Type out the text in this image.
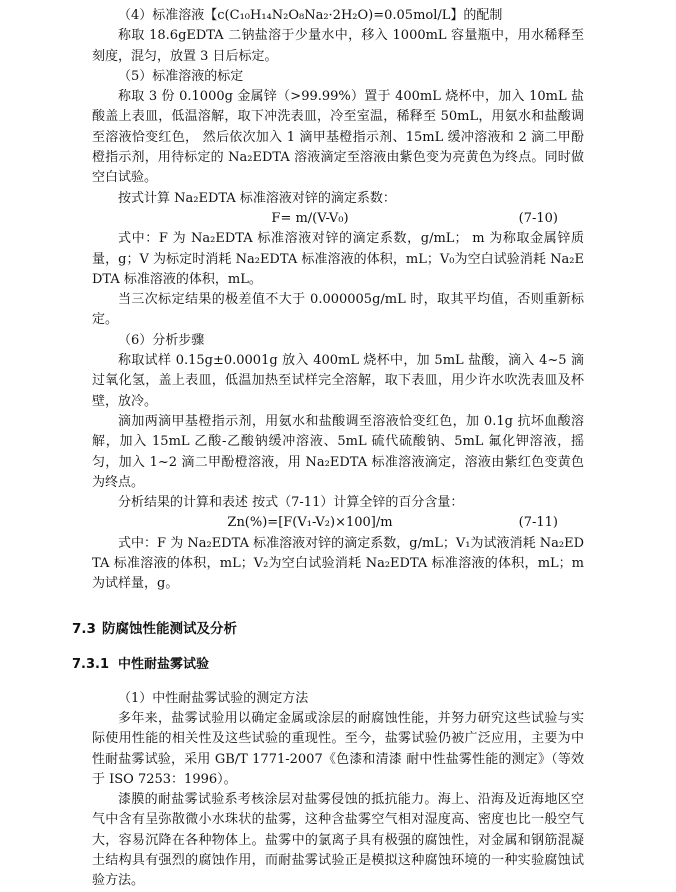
（4）标准溶液【c(C₁₀H₁₄N₂O₈Na₂·2H₂O)=0.05mol/L】的配制

称取 18.6gEDTA 二钠盐溶于少量水中，移入 1000mL 容量瓶中，用水稀释至刻度，混匀，放置 3 日后标定。

（5）标准溶液的标定

称取 3 份 0.1000g 金属锌（>99.99%）置于 400mL 烧杯中，加入 10mL 盐酸盖上表皿，低温溶解，取下冲洗表皿，冷至室温，稀释至 50mL，用氨水和盐酸调至溶液恰变红色， 然后依次加入 1 滴甲基橙指示剂、15mL 缓冲溶液和 2 滴二甲酚橙指示剂，用待标定的 Na₂EDTA 溶液滴定至溶液由紫色变为亮黄色为终点。同时做空白试验。

按式计算 Na₂EDTA 标准溶液对锌的滴定系数：

F= m/(V-V₀)	(7-10)

式中：F 为 Na₂EDTA 标准溶液对锌的滴定系数，g/mL； m 为称取金属锌质量，g；V 为标定时消耗 Na₂EDTA 标准溶液的体积，mL；V₀为空白试验消耗 Na₂EDTA 标准溶液的体积，mL。

当三次标定结果的极差值不大于 0.000005g/mL 时，取其平均值，否则重新标定。

（6）分析步骤

称取试样 0.15g±0.0001g 放入 400mL 烧杯中，加 5mL 盐酸，滴入 4~5 滴过氧化氢，盖上表皿，低温加热至试样完全溶解，取下表皿，用少许水吹洗表皿及杯壁，放冷。

滴加两滴甲基橙指示剂，用氨水和盐酸调至溶液恰变红色，加 0.1g 抗坏血酸溶解，加入 15mL 乙酸-乙酸钠缓冲溶液、5mL 硫代硫酸钠、5mL 氟化钾溶液，摇匀，加入 1~2 滴二甲酚橙溶液，用 Na₂EDTA 标准溶液滴定，溶液由紫红色变黄色为终点。

分析结果的计算和表述 按式（7-11）计算全锌的百分含量：

Zn(%)=[F(V₁-V₂)×100]/m	(7-11)

式中：F 为 Na₂EDTA 标准溶液对锌的滴定系数，g/mL；V₁为试液消耗 Na₂EDTA 标准溶液的体积，mL；V₂为空白试验消耗 Na₂EDTA 标准溶液的体积，mL；m 为试样量，g。

7.3 防腐蚀性能测试及分析

7.3.1 中性耐盐雾试验

（1）中性耐盐雾试验的测定方法

多年来，盐雾试验用以确定金属或涂层的耐腐蚀性能，并努力研究这些试验与实际使用性能的相关性及这些试验的重现性。至今，盐雾试验仍被广泛应用，主要为中性耐盐雾试验，采用 GB/T 1771-2007《色漆和清漆 耐中性盐雾性能的测定》（等效于 ISO 7253：1996）。

漆膜的耐盐雾试验系考核涂层对盐雾侵蚀的抵抗能力。海上、沿海及近海地区空气中含有呈弥散微小水珠状的盐雾，这种含盐雾空气相对湿度高、密度也比一般空气大，容易沉降在各种物体上。盐雾中的氯离子具有极强的腐蚀性，对金属和钢筋混凝土结构具有强烈的腐蚀作用，而耐盐雾试验正是模拟这种腐蚀环境的一种实验腐蚀试验方法。
